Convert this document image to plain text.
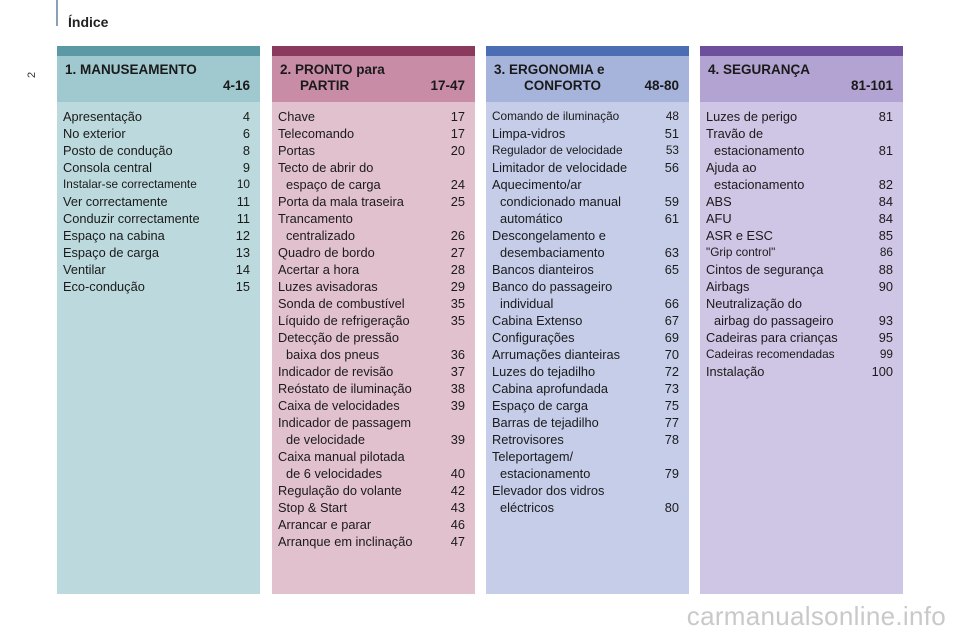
Índice
2 1. MANUSEAMENTO
4-16
Apresentação	4
No exterior	6
Posto de condução	8
Consola central	9
Instalar-se correctamente	10
Ver correctamente	11
Conduzir correctamente	11
Espaço na cabina	12
Espaço de carga	13
Ventilar	14
Eco-condução	15
2. PRONTO para
PARTIR	17-47
Chave	17
Telecomando	17
Portas	20
Tecto de abrir do
espaço de carga	24
Porta da mala traseira	25
Trancamento
centralizado	26
Quadro de bordo	27
Acertar a hora	28
Luzes avisadoras	29
Sonda de combustível	35
Líquido de refrigeração	35
Detecção de pressão
baixa dos pneus	36
Indicador de revisão	37
Reóstato de iluminação	38
Caixa de velocidades	39
Indicador de passagem
de velocidade	39
Caixa manual pilotada
de 6 velocidades	40
Regulação do volante	42
Stop & Start	43
Arrancar e parar	46
Arranque em inclinação	47
3. ERGONOMIA e
CONFORTO	48-80
Comando de iluminação	48
Limpa-vidros	51
Regulador de velocidade	53
Limitador de velocidade	56
Aquecimento/ar
condicionado manual	59
automático	61
Descongelamento e
desembaciamento	63
Bancos dianteiros	65
Banco do passageiro
individual	66
Cabina Extenso	67
Configurações	69
Arrumações dianteiras	70
Luzes do tejadilho	72
Cabina aprofundada	73
Espaço de carga	75
Barras de tejadilho	77
Retrovisores	78
Teleportagem/
estacionamento	79
Elevador dos vidros
eléctricos	80
4. SEGURANÇA
81-101
Luzes de perigo	81
Travão de
estacionamento	81
Ajuda ao
estacionamento	82
ABS	84
AFU	84
ASR e ESC	85
"Grip control"	86
Cintos de segurança	88
Airbags	90
Neutralização do
airbag do passageiro	93
Cadeiras para crianças	95
Cadeiras recomendadas	99
Instalação	100
carmanualsonline.info
